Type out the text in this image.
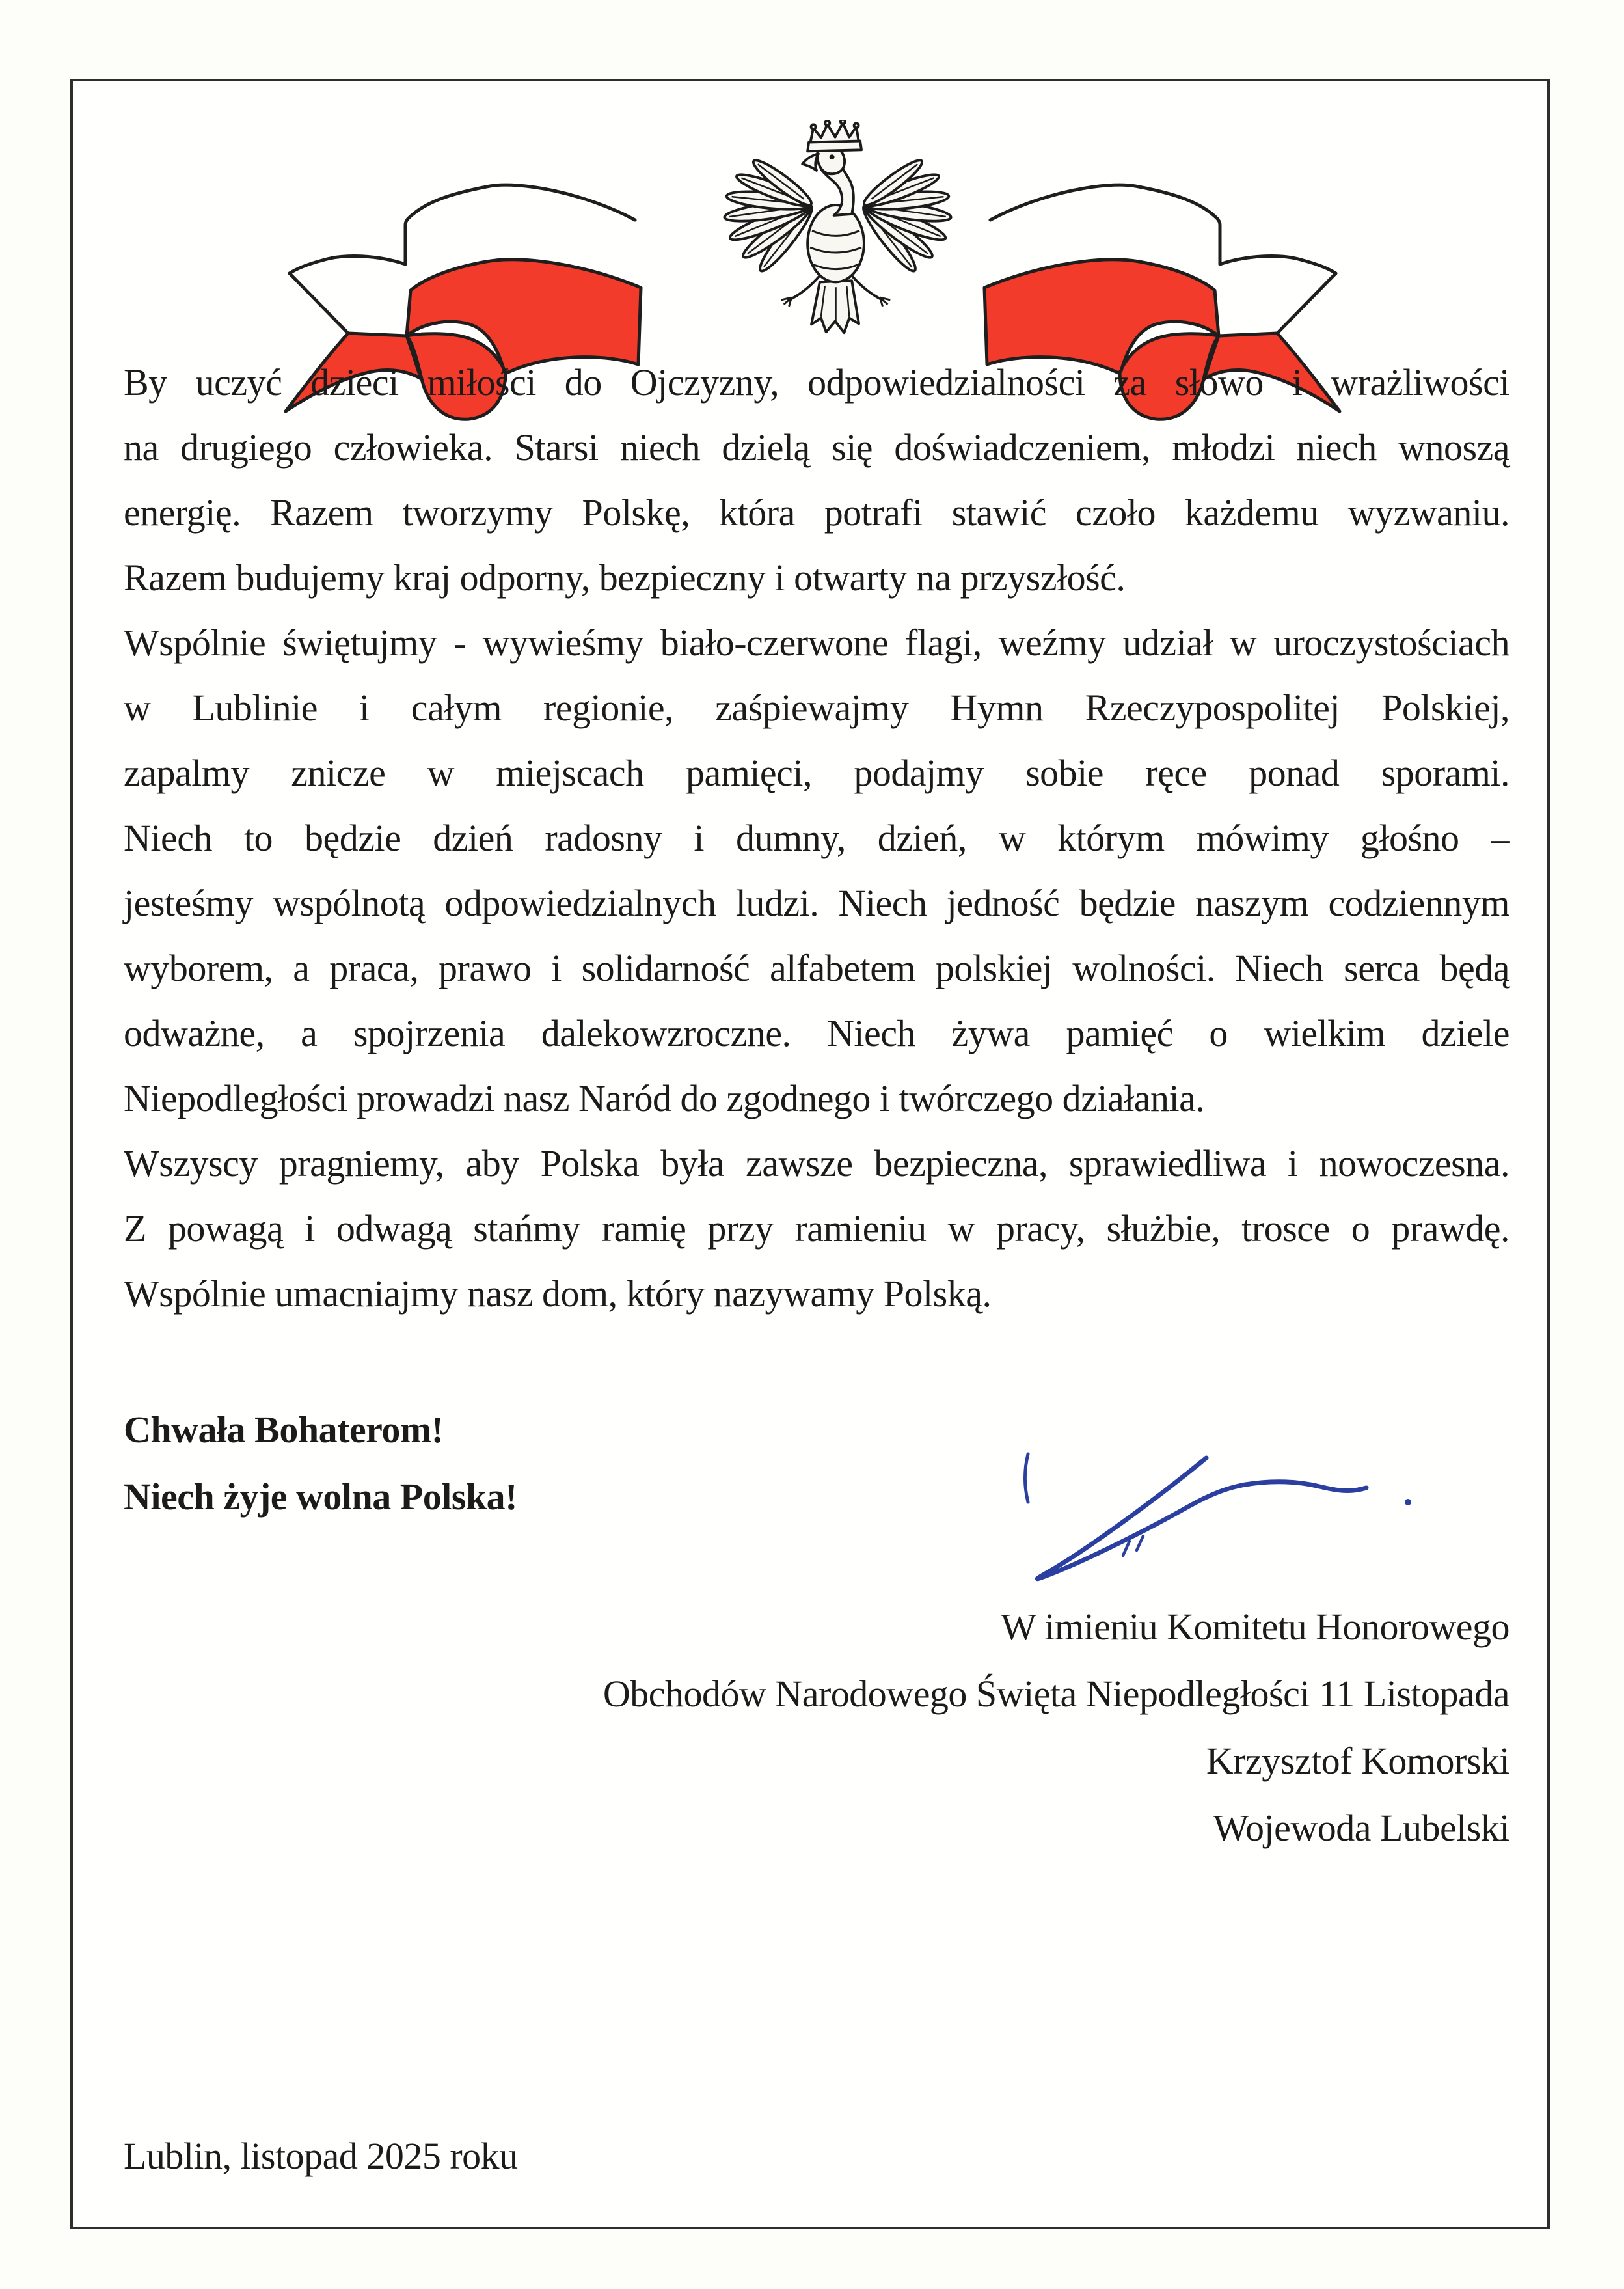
By uczyć dzieci miłości do Ojczyzny, odpowiedzialności za słowo i wrażliwości
na drugiego człowieka. Starsi niech dzielą się doświadczeniem, młodzi niech wnoszą
energię. Razem tworzymy Polskę, która potrafi stawić czoło każdemu wyzwaniu.
Razem budujemy kraj odporny, bezpieczny i otwarty na przyszłość.
Wspólnie świętujmy - wywieśmy biało-czerwone flagi, weźmy udział w uroczystościach
w Lublinie i całym regionie, zaśpiewajmy Hymn Rzeczypospolitej Polskiej,
zapalmy znicze w miejscach pamięci, podajmy sobie ręce ponad sporami.
Niech to będzie dzień radosny i dumny, dzień, w którym mówimy głośno –
jesteśmy wspólnotą odpowiedzialnych ludzi. Niech jedność będzie naszym codziennym
wyborem, a praca, prawo i solidarność alfabetem polskiej wolności. Niech serca będą
odważne, a spojrzenia dalekowzroczne. Niech żywa pamięć o wielkim dziele
Niepodległości prowadzi nasz Naród do zgodnego i twórczego działania.
Wszyscy pragniemy, aby Polska była zawsze bezpieczna, sprawiedliwa i nowoczesna.
Z powagą i odwagą stańmy ramię przy ramieniu w pracy, służbie, trosce o prawdę.
Wspólnie umacniajmy nasz dom, który nazywamy Polską.
Chwała Bohaterom!
Niech żyje wolna Polska!
W imieniu Komitetu Honorowego
Obchodów Narodowego Święta Niepodległości 11 Listopada
Krzysztof Komorski
Wojewoda Lubelski
Lublin, listopad 2025 roku
